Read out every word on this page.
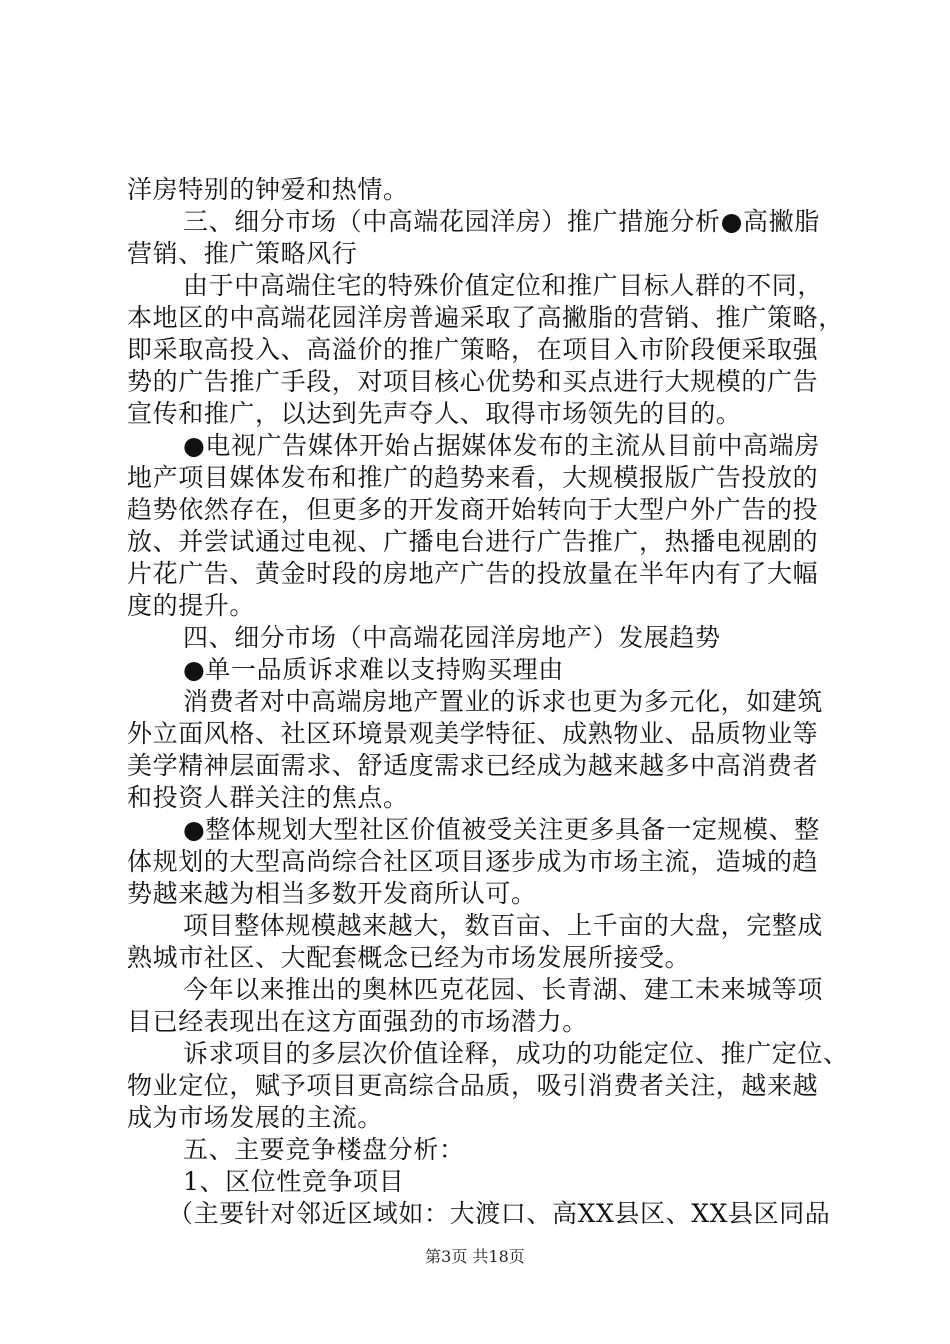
洋房特别的钟爱和热情。
三、细分市场（中高端花园洋房）推广措施分析●高撇脂
营销、推广策略风行
由于中高端住宅的特殊价值定位和推广目标人群的不同，
本地区的中高端花园洋房普遍采取了高撇脂的营销、推广策略，
即采取高投入、高溢价的推广策略，在项目入市阶段便采取强
势的广告推广手段，对项目核心优势和买点进行大规模的广告
宣传和推广，以达到先声夺人、取得市场领先的目的。
●电视广告媒体开始占据媒体发布的主流从目前中高端房
地产项目媒体发布和推广的趋势来看，大规模报版广告投放的
趋势依然存在，但更多的开发商开始转向于大型户外广告的投
放、并尝试通过电视、广播电台进行广告推广，热播电视剧的
片花广告、黄金时段的房地产广告的投放量在半年内有了大幅
度的提升。
四、细分市场（中高端花园洋房地产）发展趋势
●单一品质诉求难以支持购买理由
消费者对中高端房地产置业的诉求也更为多元化，如建筑
外立面风格、社区环境景观美学特征、成熟物业、品质物业等
美学精神层面需求、舒适度需求已经成为越来越多中高消费者
和投资人群关注的焦点。
●整体规划大型社区价值被受关注更多具备一定规模、整
体规划的大型高尚综合社区项目逐步成为市场主流，造城的趋
势越来越为相当多数开发商所认可。
项目整体规模越来越大，数百亩、上千亩的大盘，完整成
熟城市社区、大配套概念已经为市场发展所接受。
今年以来推出的奥林匹克花园、长青湖、建工未来城等项
目已经表现出在这方面强劲的市场潜力。
诉求项目的多层次价值诠释，成功的功能定位、推广定位、
物业定位，赋予项目更高综合品质，吸引消费者关注，越来越
成为市场发展的主流。
五、主要竞争楼盘分析：
1、区位性竞争项目
（主要针对邻近区域如：大渡口、高XX县区、XX县区同品
第3页 共18页
